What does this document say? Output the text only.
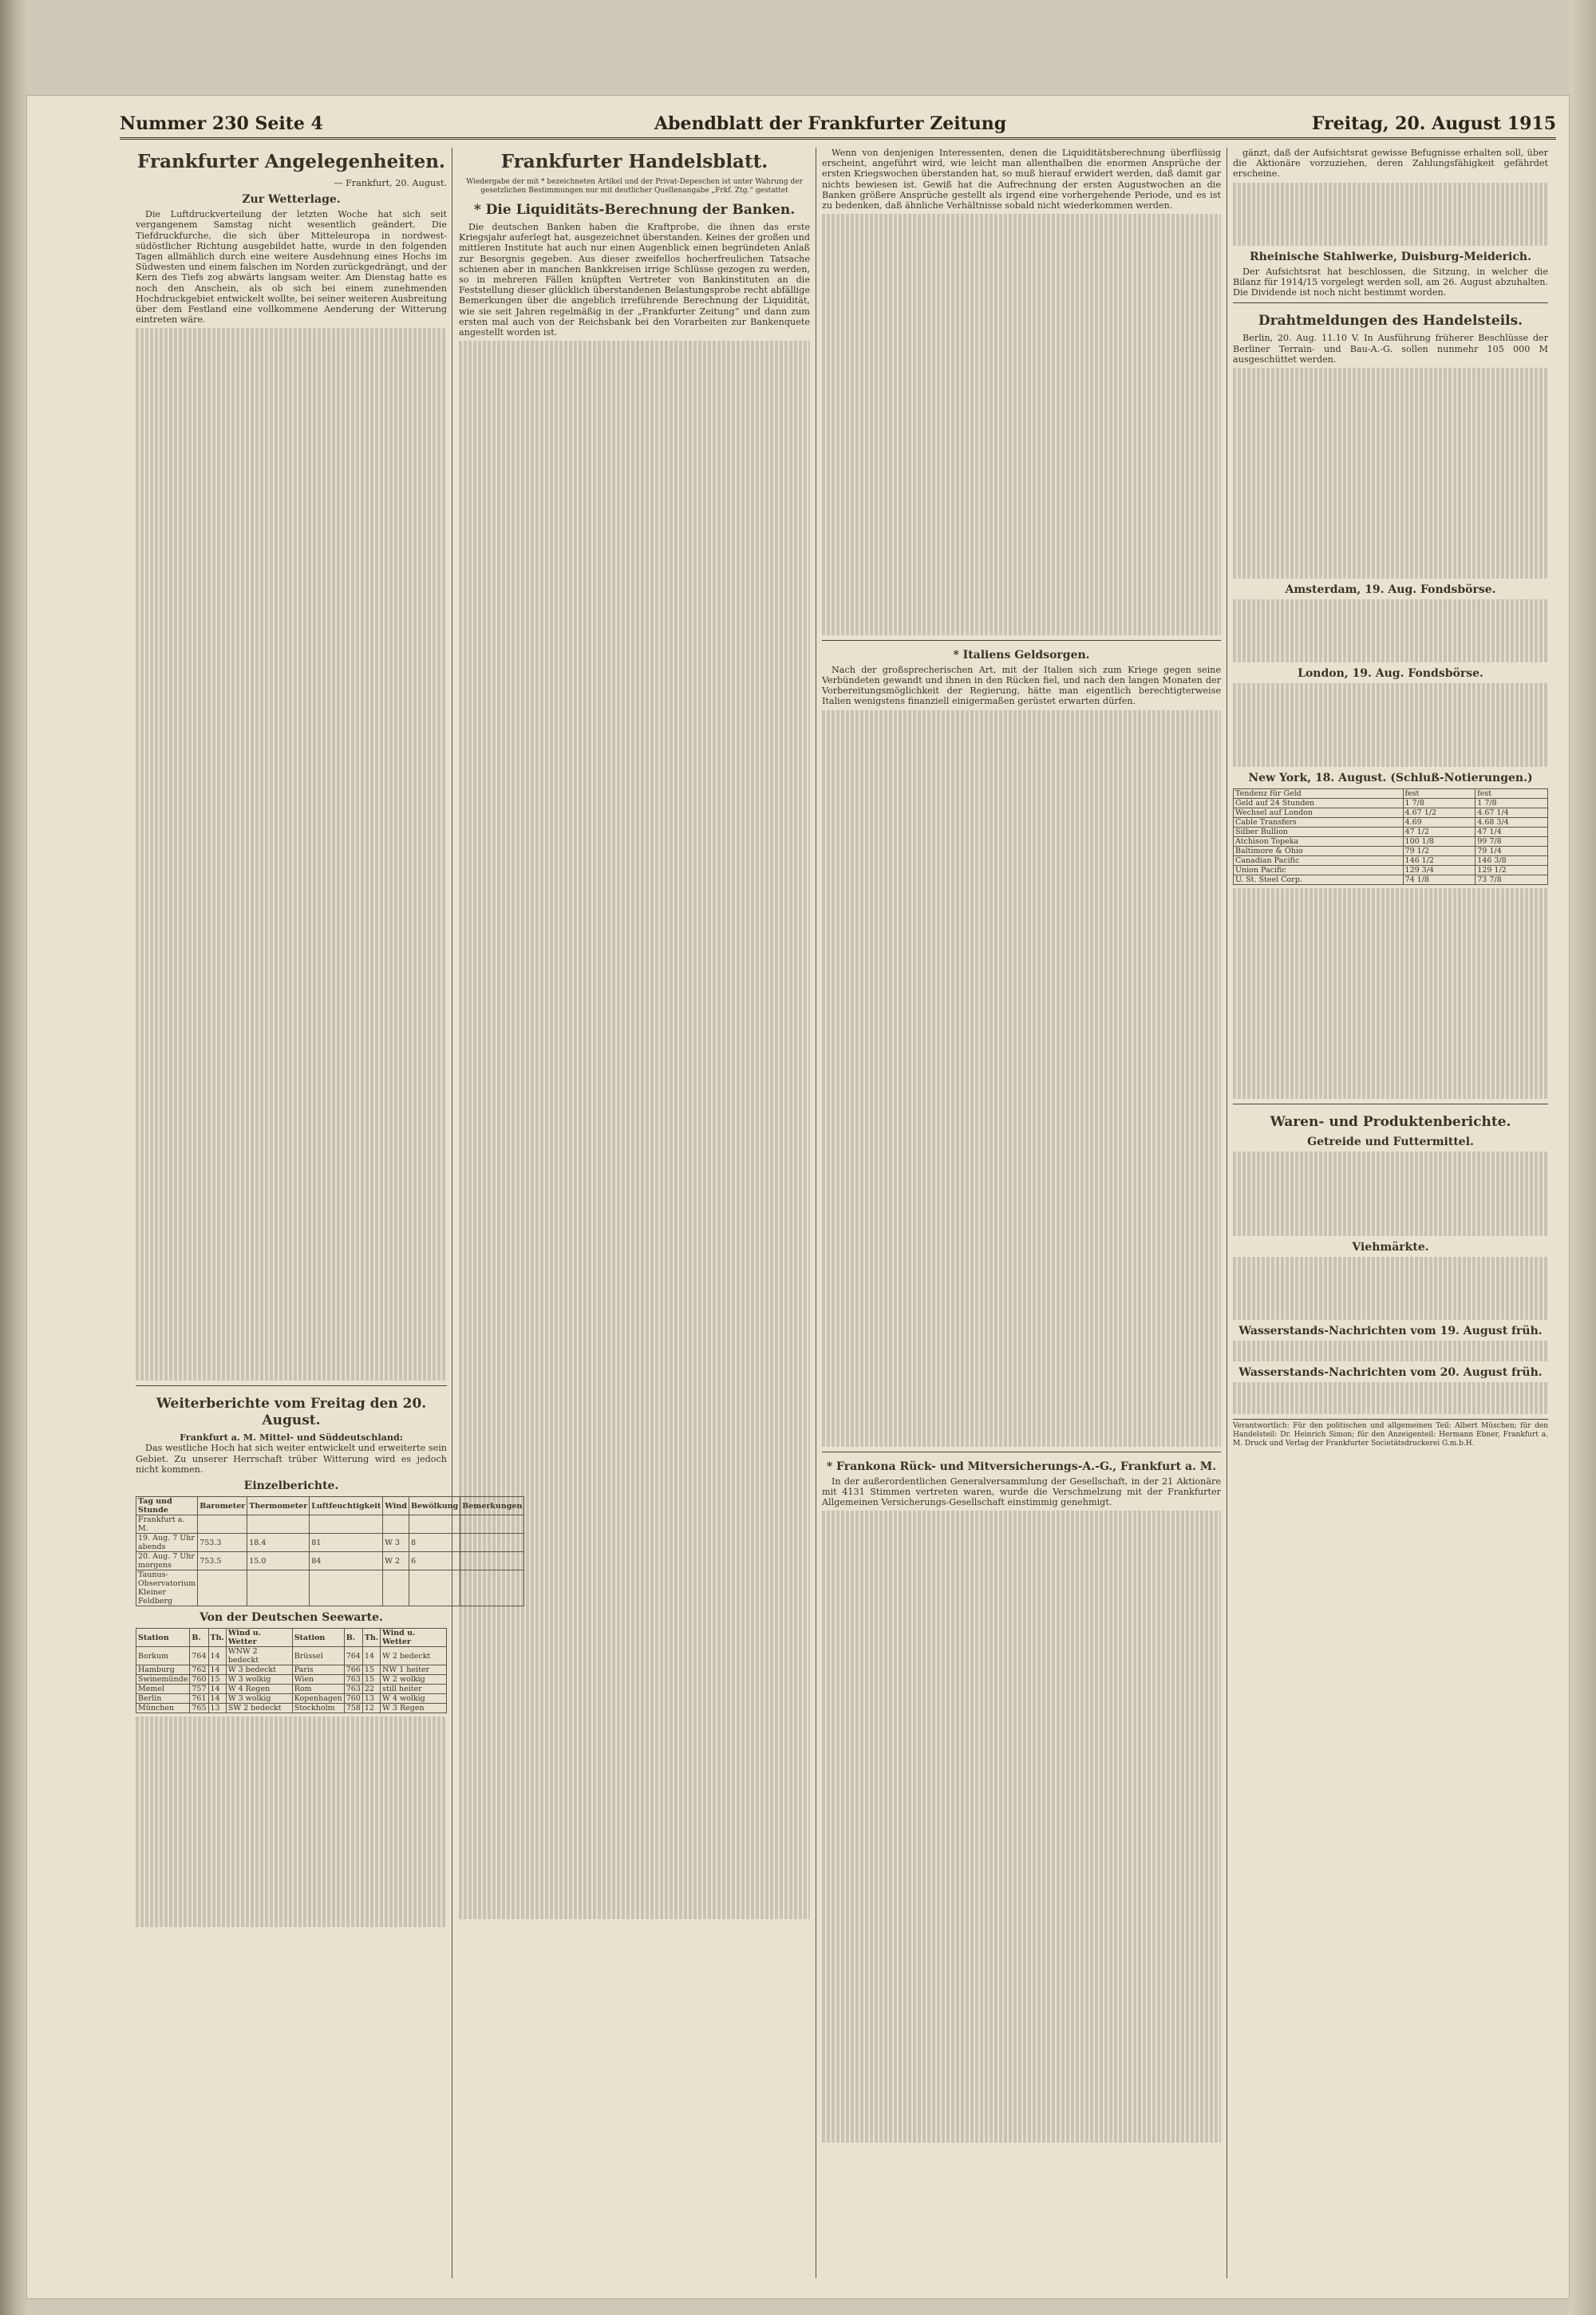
Nummer 230 Seite 4	Abendblatt der Frankfurter Zeitung	Freitag, 20. August 1915
Frankfurter Angelegenheiten.
— Frankfurt, 20. August.
Zur Wetterlage.

Die Luftdruckverteilung der letzten Woche hat sich seit vergangenem Samstag nicht wesentlich geändert. Die Tiefdruckfurche, die sich über Mitteleuropa in nordwest-südöstlicher Richtung ausgebildet hatte, wurde in den folgenden Tagen allmählich durch eine weitere Ausdehnung eines Hochs im Südwesten und einem falschen im Norden zurückgedrängt, und der Kern des Tiefs zog abwärts langsam weiter. Am Dienstag hatte es noch den Anschein, als ob sich bei einem zunehmenden Hochdruckgebiet entwickelt wollte, bei seiner weiteren Ausbreitung über dem Festland eine vollkommene Aenderung der Witterung eintreten wäre.

Weiterberichte vom Freitag den 20. August.
Frankfurt a. M. Mittel- und Süddeutschland:

Das westliche Hoch hat sich weiter entwickelt und erweiterte sein Gebiet. Zu unserer Herrschaft trüber Witterung wird es jedoch nicht kommen.

Einzelberichte.
Tag und Stunde	Barometer	Thermometer	Luftfeuchtigkeit	Wind	Bewölkung	Bemerkungen
Frankfurt a. M.						
19. Aug. 7 Uhr abends	753.3	18.4	81	W 3	8	
20. Aug. 7 Uhr morgens	753.5	15.0	84	W 2	6	
Taunus-Observatorium Kleiner Feldberg						
Von der Deutschen Seewarte.
Station	B.	Th.	Wind u. Wetter	Station	B.	Th.	Wind u. Wetter
Borkum	764	14	WNW 2 bedeckt	Brüssel	764	14	W 2 bedeckt
Hamburg	762	14	W 3 bedeckt	Paris	766	15	NW 1 heiter
Swinemünde	760	15	W 3 wolkig	Wien	763	15	W 2 wolkig
Memel	757	14	W 4 Regen	Rom	763	22	still heiter
Berlin	761	14	W 3 wolkig	Kopenhagen	760	13	W 4 wolkig
München	765	13	SW 2 bedeckt	Stockholm	758	12	W 3 Regen
Frankfurter Handelsblatt.
Wiedergabe der mit * bezeichneten Artikel und der Privat-Depeschen ist unter Wahrung der gesetzlichen Bestimmungen nur mit deutlicher Quellenangabe „Frkf. Ztg.“ gestattet
* Die Liquiditäts-Berechnung der Banken.

Die deutschen Banken haben die Kraftprobe, die ihnen das erste Kriegsjahr auferlegt hat, ausgezeichnet überstanden. Keines der großen und mittleren Institute hat auch nur einen Augenblick einen begründeten Anlaß zur Besorgnis gegeben. Aus dieser zweifellos hocherfreulichen Tatsache schienen aber in manchen Bankkreisen irrige Schlüsse gezogen zu werden, so in mehreren Fällen knüpften Vertreter von Bankinstituten an die Feststellung dieser glücklich überstandenen Belastungsprobe recht abfällige Bemerkungen über die angeblich irreführende Berechnung der Liquidität, wie sie seit Jahren regelmäßig in der „Frankfurter Zeitung“ und dann zum ersten mal auch von der Reichsbank bei den Vorarbeiten zur Bankenquete angestellt worden ist.

Wenn von denjenigen Interessenten, denen die Liquiditätsberechnung überflüssig erscheint, angeführt wird, wie leicht man allenthalben die enormen Ansprüche der ersten Kriegswochen überstanden hat, so muß hierauf erwidert werden, daß damit gar nichts bewiesen ist. Gewiß hat die Aufrechnung der ersten Augustwochen an die Banken größere Ansprüche gestellt als irgend eine vorhergehende Periode, und es ist zu bedenken, daß ähnliche Verhältnisse sobald nicht wiederkommen werden.

* Italiens Geldsorgen.

Nach der großsprecherischen Art, mit der Italien sich zum Kriege gegen seine Verbündeten gewandt und ihnen in den Rücken fiel, und nach den langen Monaten der Vorbereitungsmöglichkeit der Regierung, hätte man eigentlich berechtigterweise Italien wenigstens finanziell einigermaßen gerüstet erwarten dürfen.

* Frankona Rück- und Mitversicherungs-A.-G., Frankfurt a. M.

In der außerordentlichen Generalversammlung der Gesellschaft, in der 21 Aktionäre mit 4131 Stimmen vertreten waren, wurde die Verschmelzung mit der Frankfurter Allgemeinen Versicherungs-Gesellschaft einstimmig genehmigt.

gänzt, daß der Aufsichtsrat gewisse Befugnisse erhalten soll, über die Aktionäre vorzuziehen, deren Zahlungsfähigkeit gefährdet erscheine.

Rheinische Stahlwerke, Duisburg-Meiderich.

Der Aufsichtsrat hat beschlossen, die Sitzung, in welcher die Bilanz für 1914/15 vorgelegt werden soll, am 26. August abzuhalten. Die Dividende ist noch nicht bestimmt worden.

Drahtmeldungen des Handelsteils.

Berlin, 20. Aug. 11.10 V. In Ausführung früherer Beschlüsse der Berliner Terrain- und Bau-A.-G. sollen nunmehr 105 000 M ausgeschüttet werden.

Amsterdam, 19. Aug. Fondsbörse.
London, 19. Aug. Fondsbörse.
New York, 18. August. (Schluß-Notierungen.)
Tendenz für Geld	fest	fest
Geld auf 24 Stunden	1 7/8	1 7/8
Wechsel auf London	4.67 1/2	4.67 1/4
Cable Transfers	4.69	4.68 3/4
Silber Bullion	47 1/2	47 1/4
Atchison Topeka	100 1/8	99 7/8
Baltimore & Ohio	79 1/2	79 1/4
Canadian Pacific	146 1/2	146 3/8
Union Pacific	129 3/4	129 1/2
U. St. Steel Corp.	74 1/8	73 7/8
Waren- und Produktenberichte.
Getreide und Futtermittel.
Viehmärkte.
Wasserstands-Nachrichten vom 19. August früh.
Wasserstands-Nachrichten vom 20. August früh.
Verantwortlich: Für den politischen und allgemeinen Teil: Albert Müschen; für den Handelsteil: Dr. Heinrich Simon; für den Anzeigenteil: Hermann Ebner, Frankfurt a. M. Druck und Verlag der Frankfurter Societätsdruckerei G.m.b.H.
